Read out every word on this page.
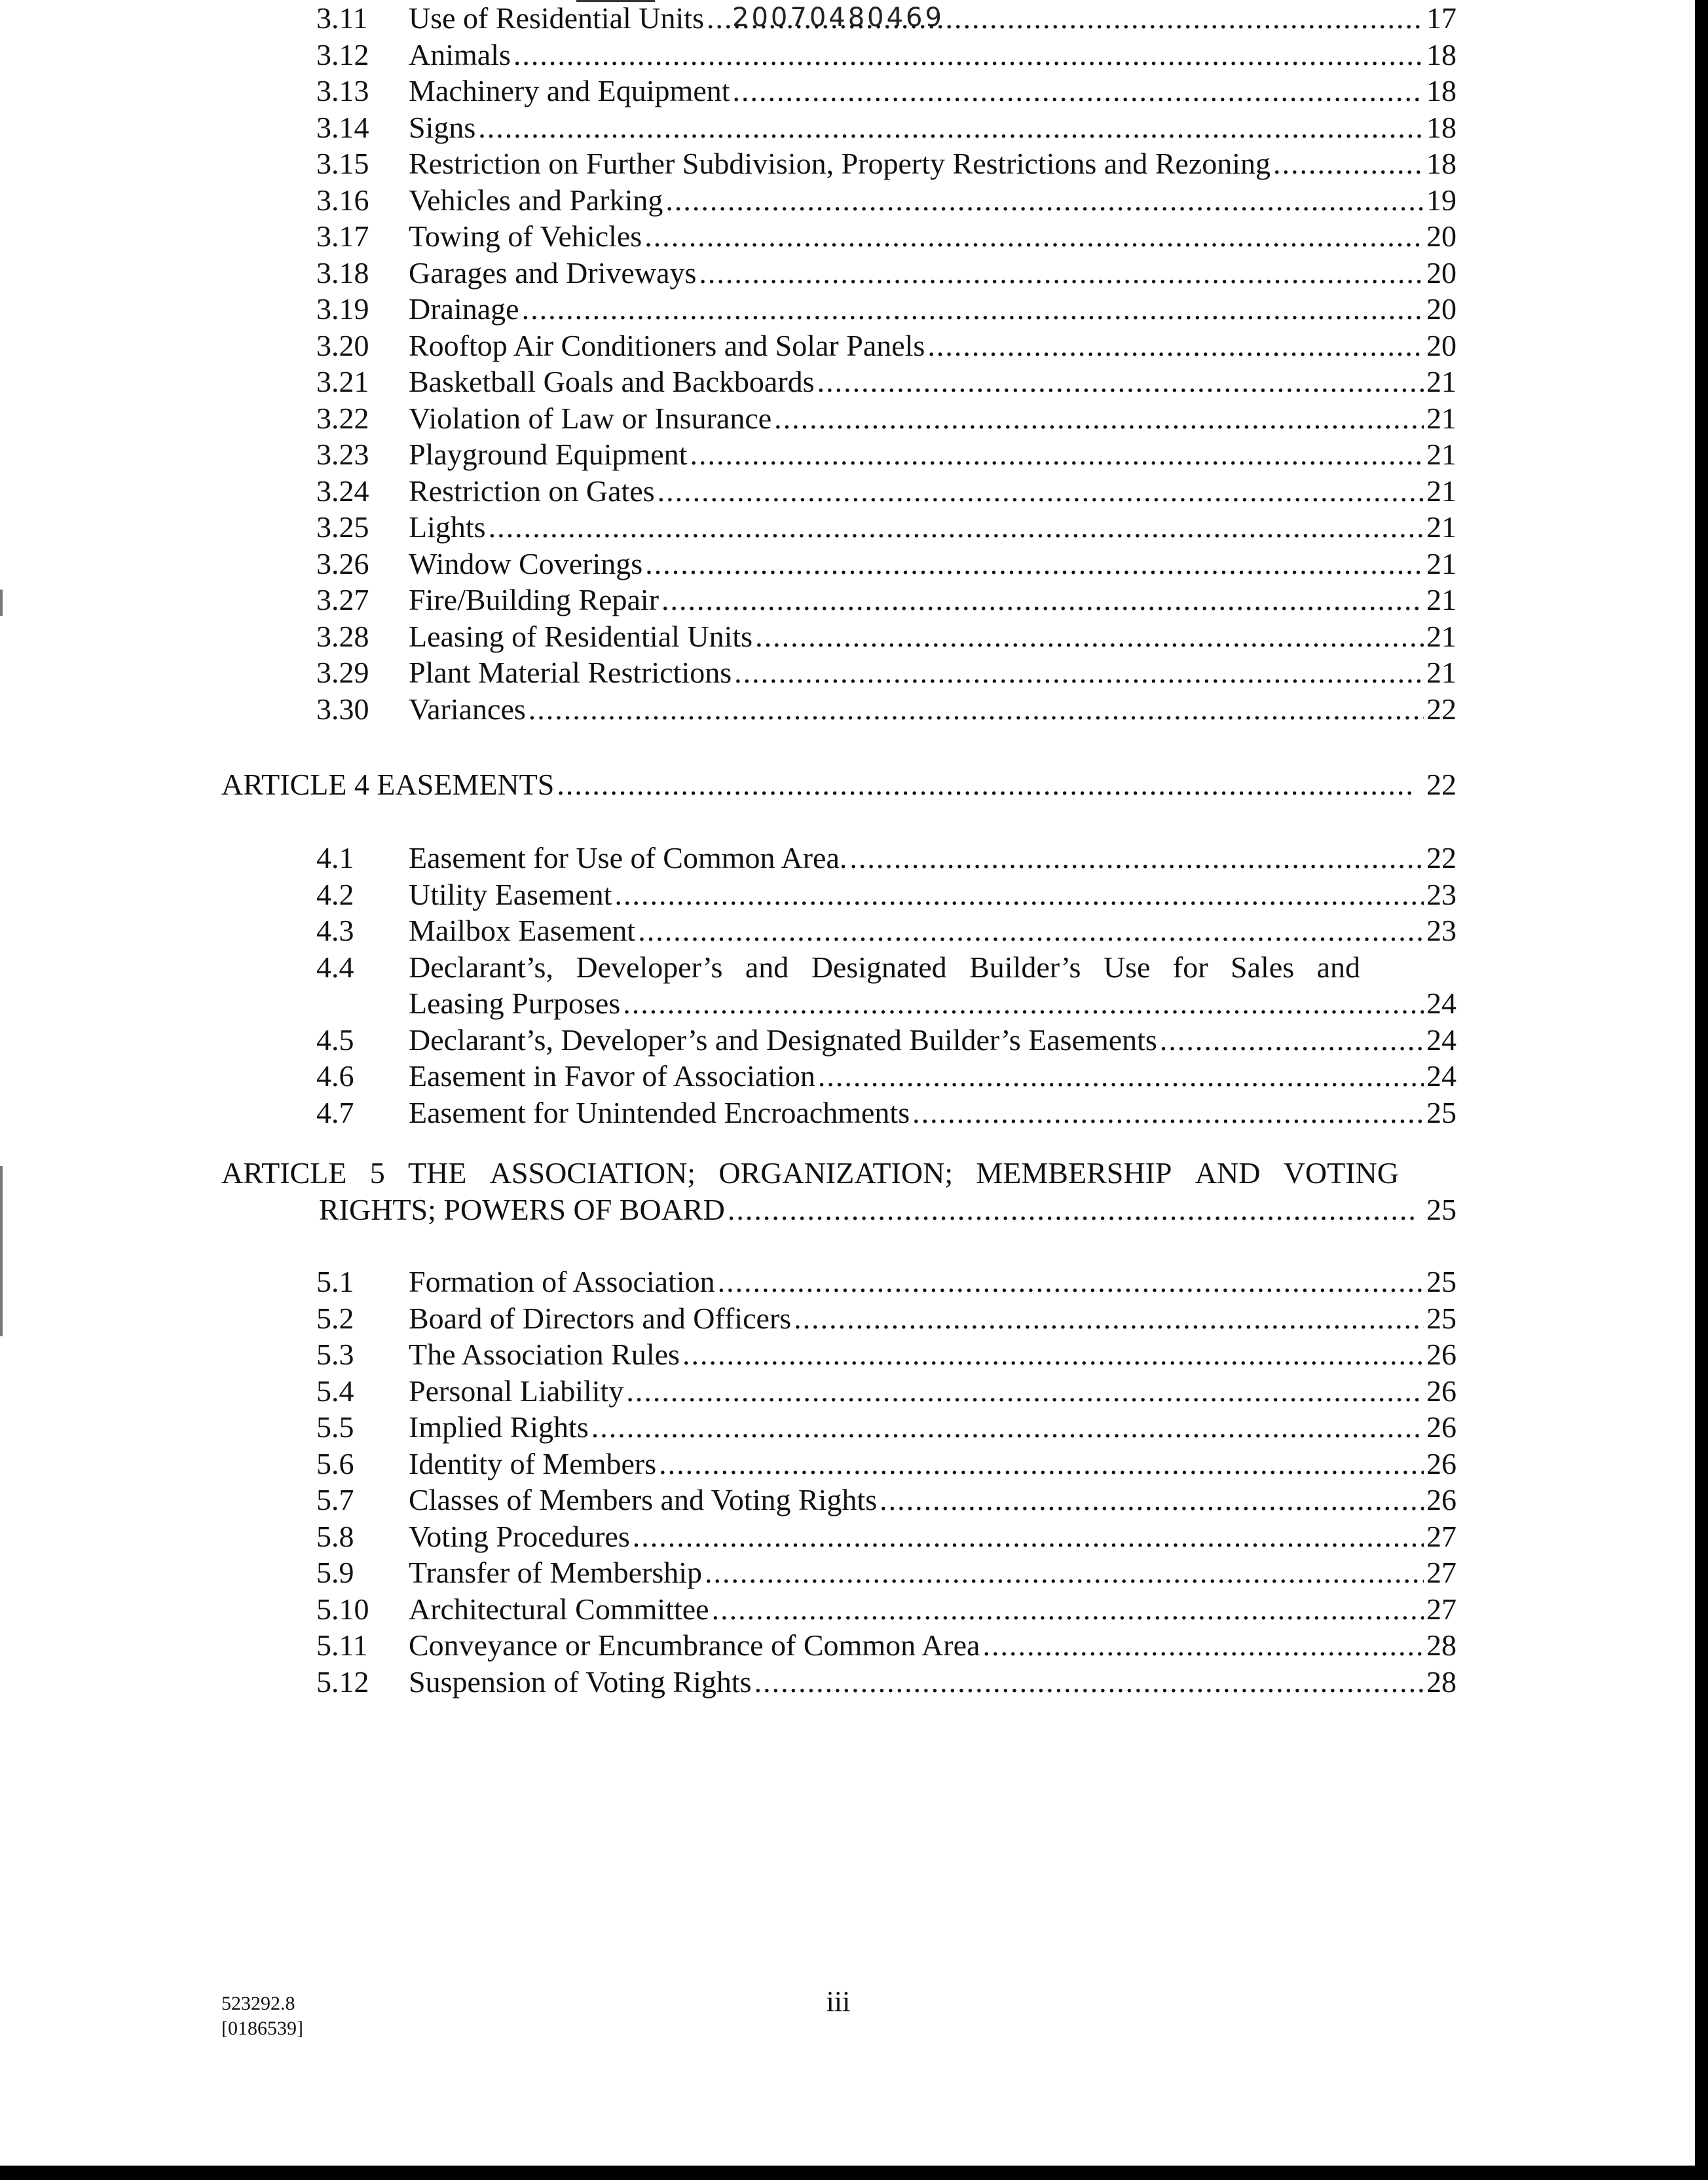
20070480469
3.11 Use of Residential Units .....	17
3.12 Animals .....	18
3.13 Machinery and Equipment .....	18
3.14 Signs .....	18
3.15 Restriction on Further Subdivision, Property Restrictions and Rezoning .....	18
3.16 Vehicles and Parking .....	19
3.17 Towing of Vehicles .....	20
3.18 Garages and Driveways .....	20
3.19 Drainage .....	20
3.20 Rooftop Air Conditioners and Solar Panels .....	20
3.21 Basketball Goals and Backboards .....	21
3.22 Violation of Law or Insurance .....	21
3.23 Playground Equipment .....	21
3.24 Restriction on Gates .....	21
3.25 Lights .....	21
3.26 Window Coverings .....	21
3.27 Fire/Building Repair .....	21
3.28 Leasing of Residential Units .....	21
3.29 Plant Material Restrictions .....	21
3.30 Variances .....	22
ARTICLE 4 EASEMENTS .....	22
4.1 Easement for Use of Common Area. .....	22
4.2 Utility Easement .....	23
4.3 Mailbox Easement .....	23
4.4 Declarant’s, Developer’s and Designated Builder’s Use for Sales and
Leasing Purposes .....	24
4.5 Declarant’s, Developer’s and Designated Builder’s Easements .....	24
4.6 Easement in Favor of Association .....	24
4.7 Easement for Unintended Encroachments .....	25
ARTICLE 5 THE ASSOCIATION; ORGANIZATION; MEMBERSHIP AND VOTING
RIGHTS; POWERS OF BOARD .....	25
5.1 Formation of Association .....	25
5.2 Board of Directors and Officers .....	25
5.3 The Association Rules .....	26
5.4 Personal Liability .....	26
5.5 Implied Rights .....	26
5.6 Identity of Members .....	26
5.7 Classes of Members and Voting Rights .....	26
5.8 Voting Procedures .....	27
5.9 Transfer of Membership .....	27
5.10 Architectural Committee .....	27
5.11 Conveyance or Encumbrance of Common Area .....	28
5.12 Suspension of Voting Rights .....	28
523292.8
[0186539]
iii
